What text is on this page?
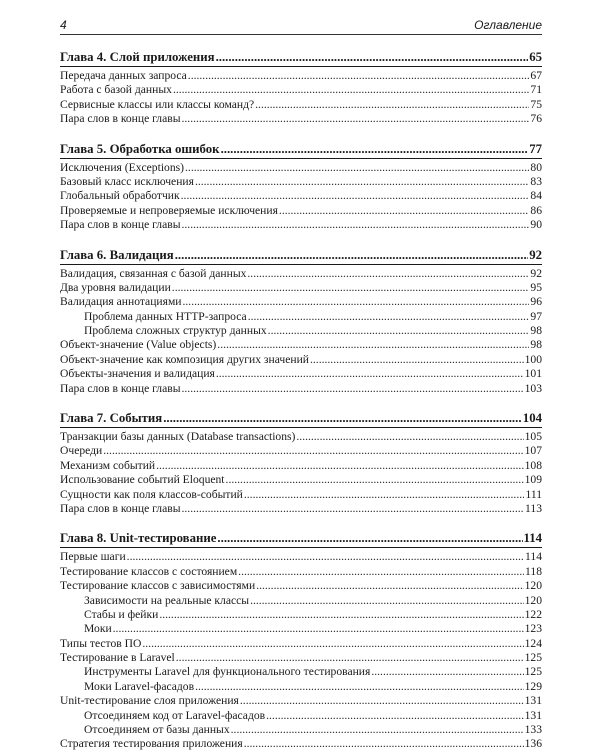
4	Оглавление
Глава 4. Слой приложения .....	65
Передача данных запроса .....	67
Работа с базой данных .....	71
Сервисные классы или классы команд? .....	75
Пара слов в конце главы .....	76
Глава 5. Обработка ошибок .....	77
Исключения (Exceptions) .....	80
Базовый класс исключения .....	83
Глобальный обработчик .....	84
Проверяемые и непроверяемые исключения .....	86
Пара слов в конце главы .....	90
Глава 6. Валидация .....	92
Валидация, связанная с базой данных .....	92
Два уровня валидации .....	95
Валидация аннотациями .....	96
Проблема данных HTTP-запроса .....	97
Проблема сложных структур данных .....	98
Объект-значение (Value objects) .....	98
Объект-значение как композиция других значений .....	100
Объекты-значения и валидация .....	101
Пара слов в конце главы .....	103
Глава 7. События .....	104
Транзакции базы данных (Database transactions) .....	105
Очереди .....	107
Механизм событий .....	108
Использование событий Eloquent .....	109
Сущности как поля классов-событий .....	111
Пара слов в конце главы .....	113
Глава 8. Unit-тестирование .....	114
Первые шаги .....	114
Тестирование классов с состоянием .....	118
Тестирование классов с зависимостями .....	120
Зависимости на реальные классы .....	120
Стабы и фейки .....	122
Моки .....	123
Типы тестов ПО .....	124
Тестирование в Laravel .....	125
Инструменты Laravel для функционального тестирования .....	125
Моки Laravel-фасадов .....	129
Unit-тестирование слоя приложения .....	131
Отсоединяем код от Laravel-фасадов .....	131
Отсоединяем от базы данных .....	133
Стратегия тестирования приложения .....	136
